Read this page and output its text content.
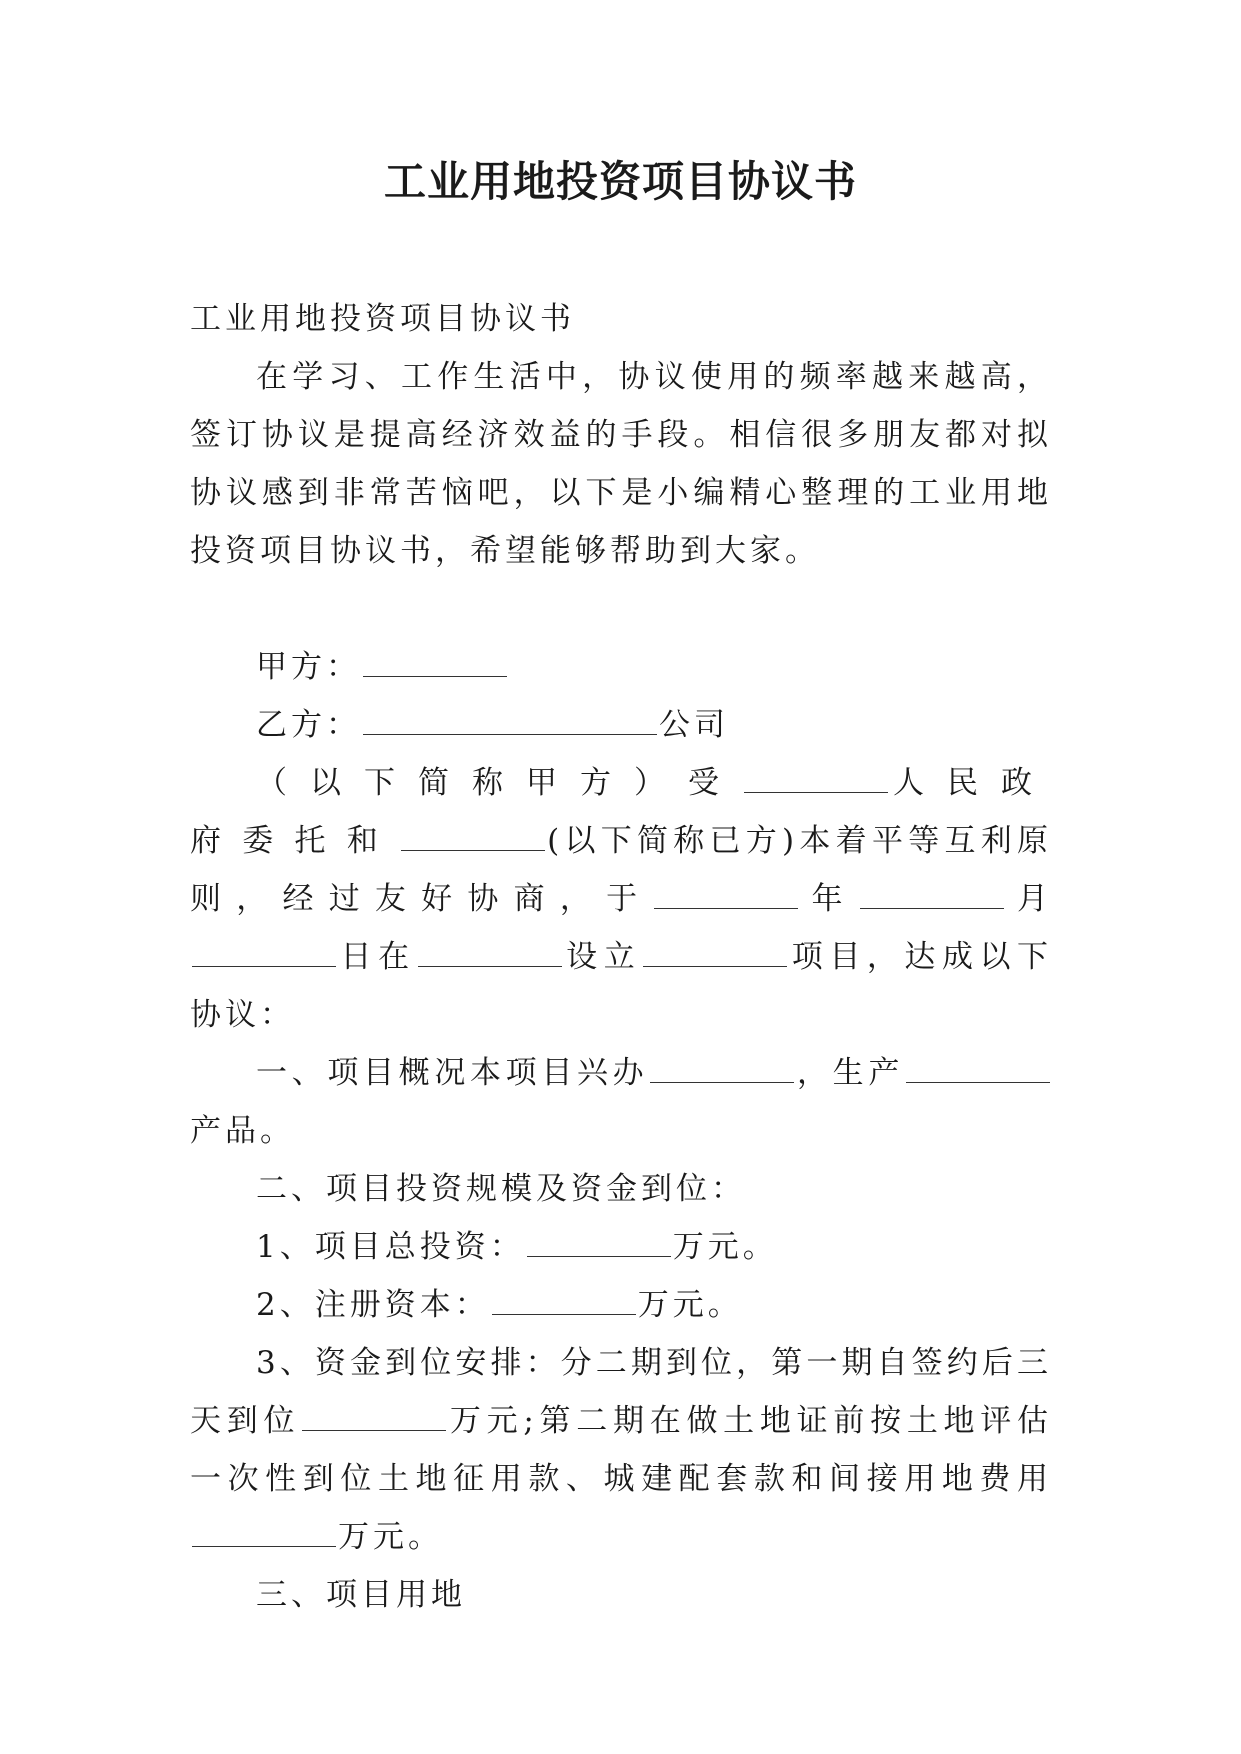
工业用地投资项目协议书

工业用地投资项目协议书

在学习、工作生活中，协议使用的频率越来越高，签订协议是提高经济效益的手段。相信很多朋友都对拟协议感到非常苦恼吧，以下是小编精心整理的工业用地投资项目协议书，希望能够帮助到大家。

甲方：

乙方：	公司

（以下简称甲方）受	人民政府委托和	(以下简称已方)本着平等互利原则，经过友好协商，于	年	月日在	设立	项目，达成以下协议：

一、项目概况本项目兴办	，生产产品。

二、项目投资规模及资金到位：

1、项目总投资：	万元。

2、注册资本：	万元。

3、资金到位安排：分二期到位，第一期自签约后三天到位	万元;第二期在做土地证前按土地评估一次性到位土地征用款、城建配套款和间接用地费用万元。

三、项目用地
